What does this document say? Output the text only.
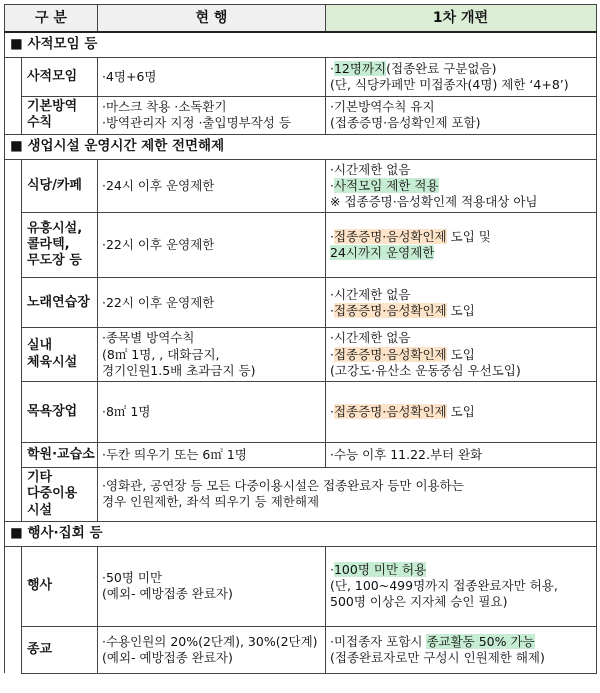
구 분		현 행	1차 개편
■ 사적모임 등			

	사적모임	·4명+6명	·12명까지(접종완료 구분없음)
(단, 식당카페만 미접종자(4명) 제한 ‘4+8’)

	기본방역
수칙	·마스크 착용 ·소독환기
·방역관리자 지정 ·출입명부작성 등	·기본방역수칙 유지
(접종증명·음성확인제 포함)

■ 생업시설 운영시간 제한 전면해제			

	식당/카페	·24시 이후 운영제한	·시간제한 없음
·사적모임 제한 적용
※ 접종증명·음성확인제 적용대상 아님

	유흥시설,
콜라텍,
무도장 등	·22시 이후 운영제한	·접종증명·음성확인제 도입 및
24시까지 운영제한

	노래연습장	·22시 이후 운영제한	·시간제한 없음
·접종증명·음성확인제 도입

	실내
체육시설	·종목별 방역수칙
(8㎡ 1명, , 대화금지,
경기인원1.5배 초과금지 등)	·시간제한 없음
·접종증명·음성확인제 도입
(고강도·유산소 운동중심 우선도입)

	목욕장업	·8㎡ 1명	·접종증명·음성확인제 도입

	학원·교습소	·두칸 띄우기 또는 6㎡ 1명	·수능 이후 11.22.부터 완화

	기타
다중이용
시설	·영화관, 공연장 등 모든 다중이용시설은 접종완료자 등만 이용하는
경우 인원제한, 좌석 띄우기 등 제한해제	

■ 행사·집회 등			

	행사	·50명 미만
(예외- 예방접종 완료자)	·100명 미만 허용
(단, 100~499명까지 접종완료자만 허용,
500명 이상은 지자체 승인 필요)

	종교	·수용인원의 20%(2단계), 30%(2단계)
(예외- 예방접종 완료자)	·미접종자 포함시 종교활동 50% 가능
(접종완료자로만 구성시 인원제한 해제)
